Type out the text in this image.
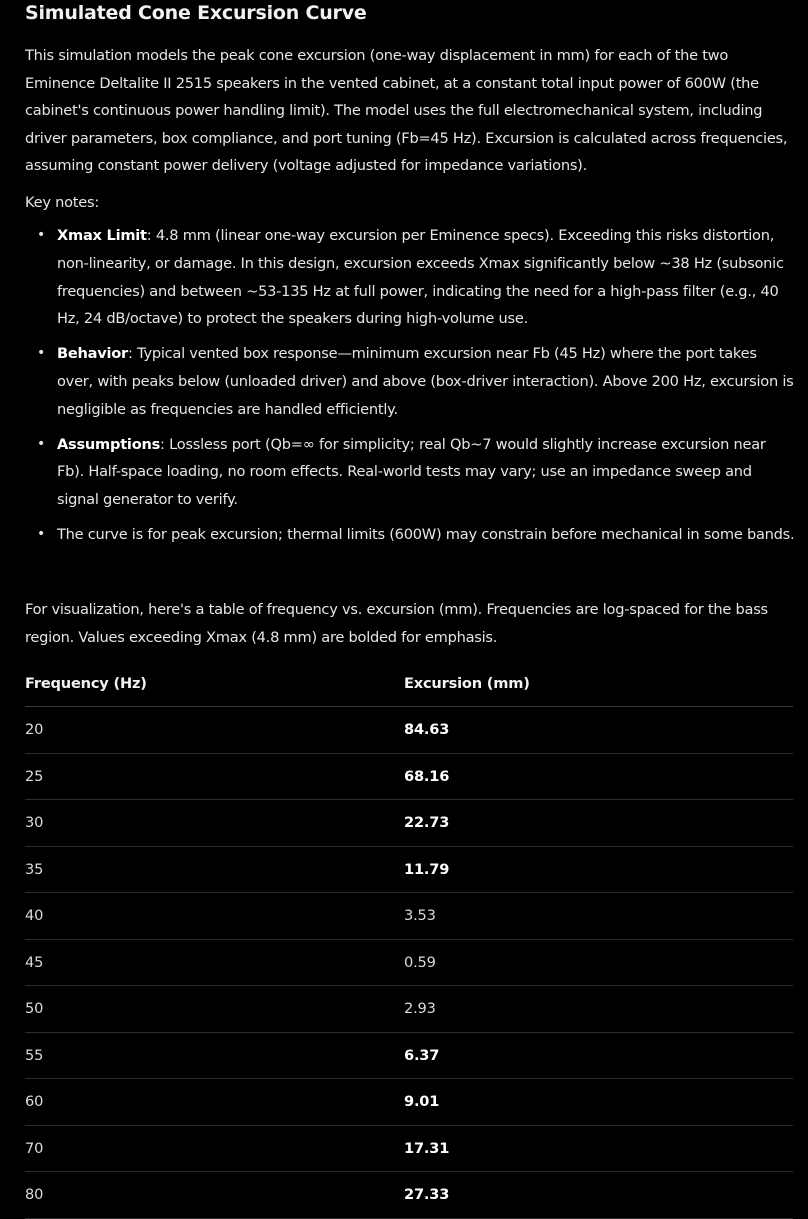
Simulated Cone Excursion Curve

This simulation models the peak cone excursion (one-way displacement in mm) for each of the two Eminence Deltalite II 2515 speakers in the vented cabinet, at a constant total input power of 600W (the cabinet's continuous power handling limit). The model uses the full electromechanical system, including driver parameters, box compliance, and port tuning (Fb=45 Hz). Excursion is calculated across frequencies, assuming constant power delivery (voltage adjusted for impedance variations).

Key notes:

• Xmax Limit: 4.8 mm (linear one-way excursion per Eminence specs). Exceeding this risks distortion, non-linearity, or damage. In this design, excursion exceeds Xmax significantly below ~38 Hz (subsonic frequencies) and between ~53-135 Hz at full power, indicating the need for a high-pass filter (e.g., 40 Hz, 24 dB/octave) to protect the speakers during high-volume use.
• Behavior: Typical vented box response—minimum excursion near Fb (45 Hz) where the port takes over, with peaks below (unloaded driver) and above (box-driver interaction). Above 200 Hz, excursion is negligible as frequencies are handled efficiently.
• Assumptions: Lossless port (Qb=∞ for simplicity; real Qb~7 would slightly increase excursion near Fb). Half-space loading, no room effects. Real-world tests may vary; use an impedance sweep and signal generator to verify.
• The curve is for peak excursion; thermal limits (600W) may constrain before mechanical in some bands.

For visualization, here's a table of frequency vs. excursion (mm). Frequencies are log-spaced for the bass region. Values exceeding Xmax (4.8 mm) are bolded for emphasis.

Frequency (Hz)	Excursion (mm)
20	84.63
25	68.16
30	22.73
35	11.79
40	3.53
45	0.59
50	2.93
55	6.37
60	9.01
70	17.31
80	27.33
